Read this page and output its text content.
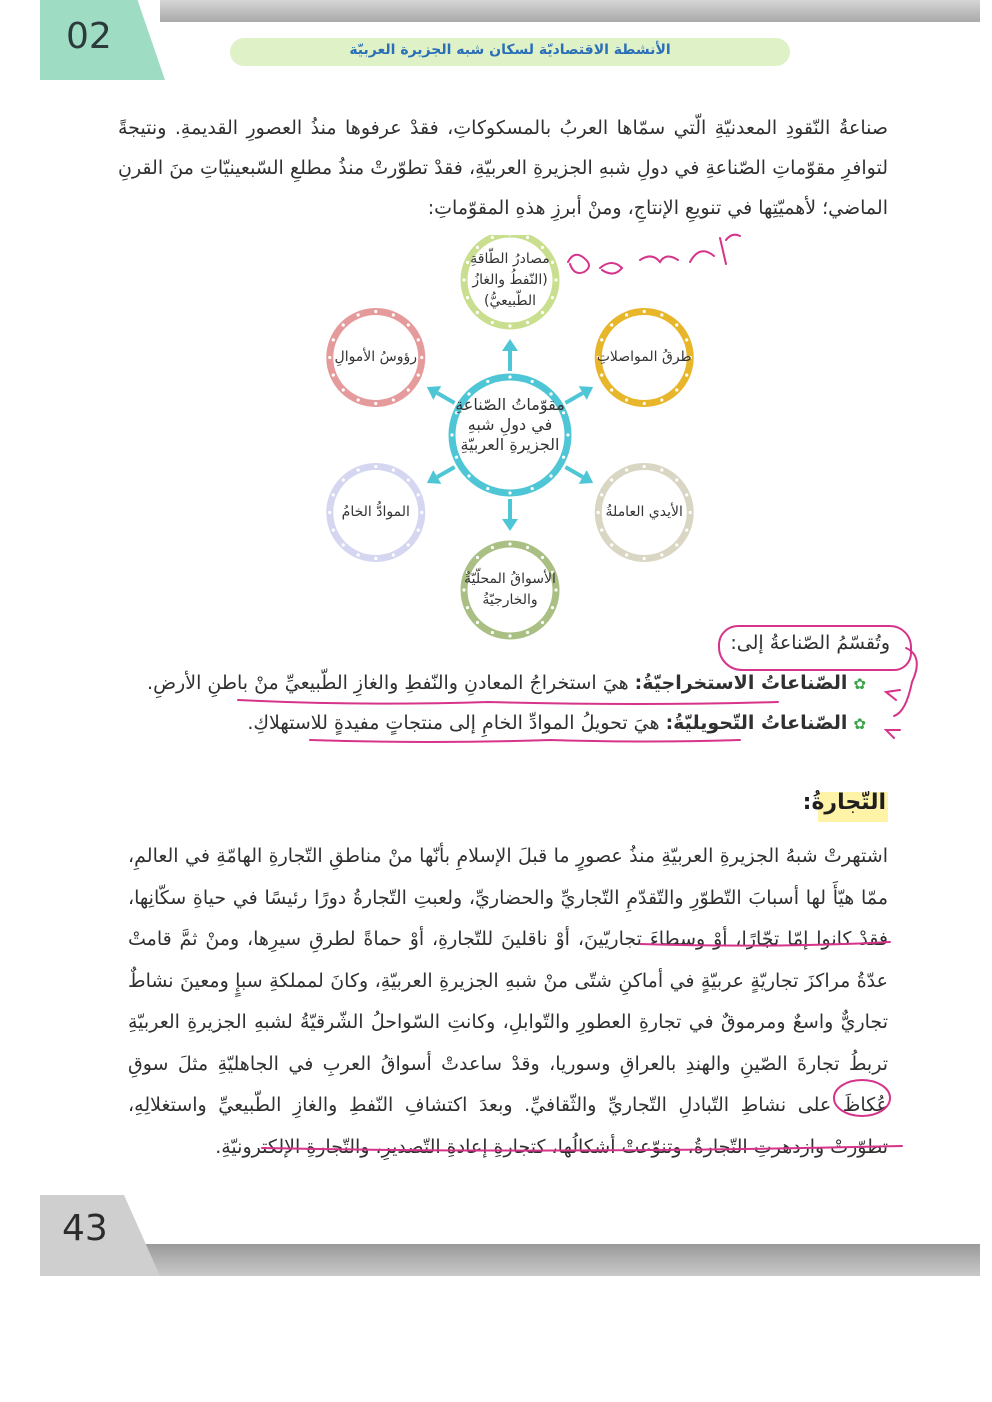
02	الأنشطة الاقتصاديّة لسكان شبه الجزيرة العربيّة

صناعةُ النّقودِ المعدنيّةِ الّتي سمّاها العربُ بالمسكوكاتِ، فقدْ عرفوها منذُ العصورِ القديمةِ. ونتيجةً لتوافرِ مقوّماتِ الصّناعةِ في دولِ شبهِ الجزيرةِ العربيّةِ، فقدْ تطوّرتْ منذُ مطلعِ السّبعينيّاتِ منَ القرنِ الماضي؛ لأهميّتِها في تنويعِ الإنتاجِ، ومنْ أبرزِ هذهِ المقوّماتِ:

مقوّماتُ الصّناعةِ في دولِ شبهِ الجزيرةِ العربيّةِ
مصادرُ الطّاقةِ (النّفطُ والغازُ الطّبيعيُّ)
طرقُ المواصلاتِ
الأيدي العاملةُ
الأسواقُ المحلّيّةُ والخارجيّةُ
الموادُّ الخامُ
رؤوسُ الأموالِ
وتُقسّمُ الصّناعةُ إلى:
✿الصّناعاتُ الاستخراجيّةُ: هيَ استخراجُ المعادنِ والنّفطِ والغازِ الطّبيعيِّ منْ باطنِ الأرضِ.
✿الصّناعاتُ التّحويليّةُ: هيَ تحويلُ الموادِّ الخامِ إلى منتجاتٍ مفيدةٍ للاستهلاكِ.
التّجارةُ:

اشتهرتْ شبهُ الجزيرةِ العربيّةِ منذُ عصورٍ ما قبلَ الإسلامِ بأنّها منْ مناطقِ التّجارةِ الهامّةِ في العالمِ، ممّا هيّأَ لها أسبابَ التّطوّرِ والتّقدّمِ التّجاريِّ والحضاريِّ، ولعبتِ التّجارةُ دورًا رئيسًا في حياةِ سكّانِها، فقدْ كانوا إمّا تجّارًا، أوْ وسطاءَ تجاريّينَ، أوْ ناقلينَ للتّجارةِ، أوْ حماةً لطرقِ سيرِها، ومنْ ثمَّ قامتْ عدّةُ مراكزَ تجاريّةٍ عربيّةٍ في أماكنِ شتّى منْ شبهِ الجزيرةِ العربيّةِ، وكانَ لمملكةِ سبإٍ ومعينَ نشاطٌ تجاريٌّ واسعٌ ومرموقٌ في تجارةِ العطورِ والتّوابلِ، وكانتِ السّواحلُ الشّرقيّةُ لشبهِ الجزيرةِ العربيّةِ تربطُ تجارةَ الصّينِ والهندِ بالعراقِ وسوريا، وقدْ ساعدتْ أسواقُ العربِ في الجاهليّةِ مثلَ سوقِ عُكاظَ على نشاطِ التّبادلِ التّجاريِّ والثّقافيِّ. وبعدَ اكتشافِ النّفطِ والغازِ الطّبيعيِّ واستغلالِهِ، تطوّرتْ وازدهرتِ التّجارةُ، وتنوّعتْ أشكالُها، كتجارةِ إعادةِ التّصديرِ، والتّجارةِ الإلكترونيّةِ.

43
